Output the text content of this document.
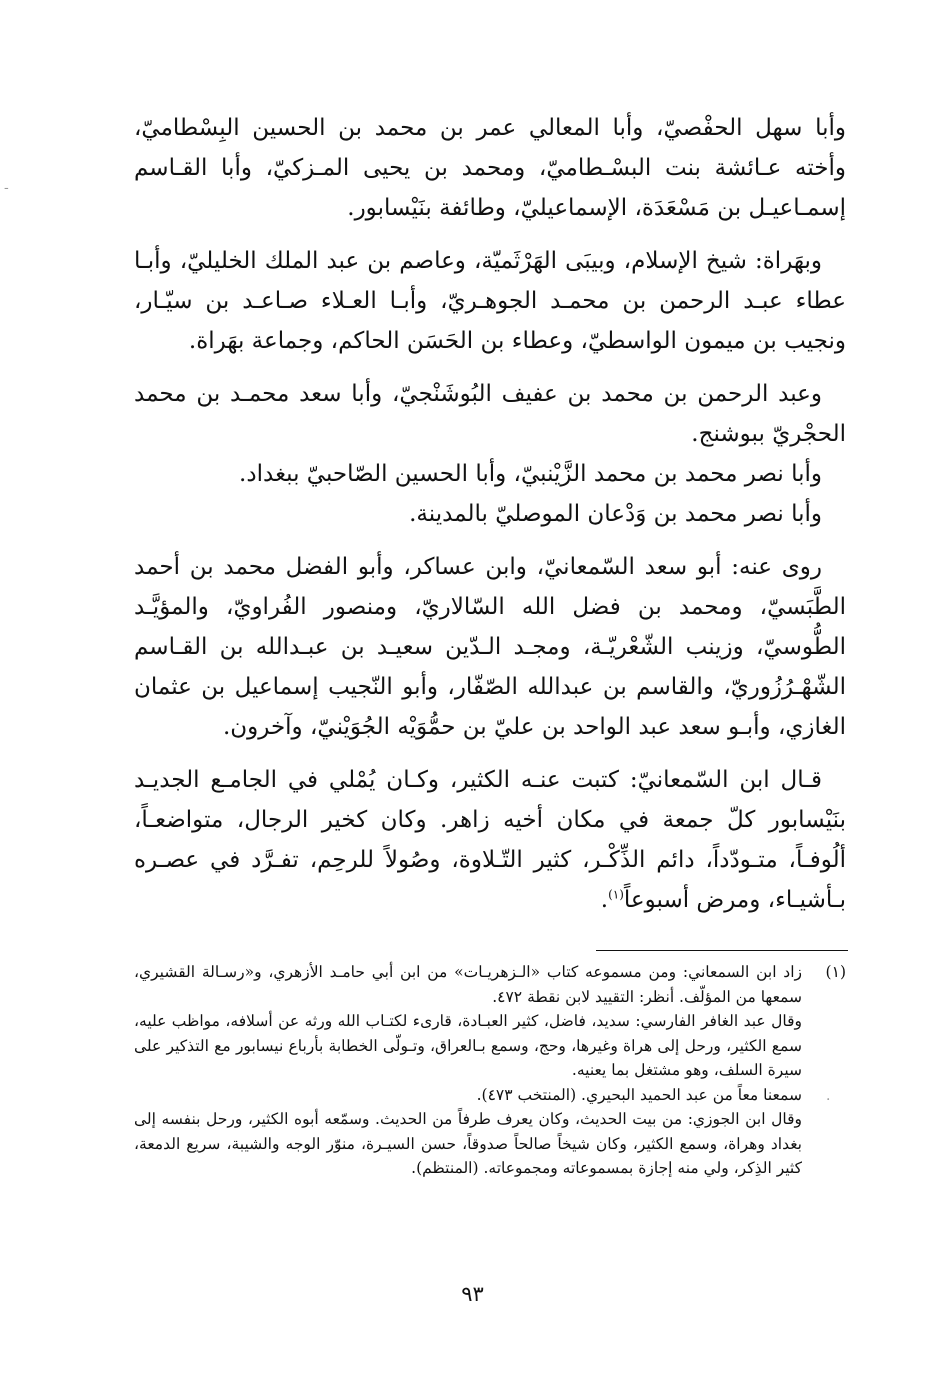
-
·

وأبا سهل الحفْصيّ، وأبا المعالي عمر بن محمد بن الحسين البِسْطاميّ، وأخته عـائشة بنت البسْـطاميّ، ومحمد بن يحيى المـزكيّ، وأبا القـاسم إسمـاعيـل بن مَسْعَدَة، الإسماعيليّ، وطائفة بنَيْسابور.

وبهَراة: شيخ الإسلام، وبيبَى الهَرْثَميّة، وعاصم بن عبد الملك الخليليّ، وأبـا عطاء عبـد الرحمن بن محمـد الجوهـريّ، وأبـا العـلاء صـاعـد بن سيّـار، ونجيب بن ميمون الواسطيّ، وعطاء بن الحَسَن الحاكم، وجماعة بهَراة.

وعبد الرحمن بن محمد بن عفيف البُوشَنْجيّ، وأبا سعد محمـد بن محمد الحجْريّ ببوشنج.

وأبا نصر محمد بن محمد الزَّيْنبيّ، وأبا الحسين الصّاحبيّ ببغداد.

وأبا نصر محمد بن وَدْعان الموصليّ بالمدينة.

روى عنه: أبو سعد السّمعانيّ، وابن عساكر، وأبو الفضل محمد بن أحمد الطَّبَسيّ، ومحمد بن فضل الله السّالاريّ، ومنصور الفُراويّ، والمؤيَّـد الطُّوسيّ، وزينب الشّعْريّـة، ومجـد الـدّين سعيـد بن عبـدالله بن القـاسم الشّهْـرُزُوريّ، والقاسم بن عبدالله الصّفّار، وأبو النّجيب إسماعيل بن عثمان الغازي، وأبـو سعد عبد الواحد بن عليّ بن حمُّوَيْه الجُوَيْنيّ، وآخرون.

قـال ابن السّمعانيّ: كتبت عنـه الكثير، وكـان يُمْلي في الجامـع الجديـد بنَيْسابور كلّ جمعة في مكان أخيه زاهر. وكان كخير الرجال، متواضعـاً، ألُوفـاً، متـودّداً، دائم الذِّكْـر، كثير التّـلاوة، وصُولاً للرحِم، تفـرَّد في عصـره بـأشيـاء، ومرض أسبوعاً$^{(١)}$.

(١)

زاد ابن السمعاني: ومن مسموعه كتاب «الـزهريـات» من ابن أبي حامـد الأزهري، و«رسـالة القشيري، سمعها من المؤلّف. أنظر: التقييد لابن نقطة ٤٧٢.

وقال عبد الغافر الفارسي: سديد، فاضل، كثير العبـادة، قارىء لكتـاب الله ورثه عن أسلافه، مواظب عليه، سمع الكثير، ورحل إلى هراة وغيرها، وحج، وسمع بـالعراق، وتـولّى الخطابة بأرباع نيسابور مع التذكير على سيرة السلف، وهو مشتغل بما يعنيه.

سمعنا معاً من عبد الحميد البحيري. (المنتخب ٤٧٣).

وقال ابن الجوزي: من بيت الحديث، وكان يعرف طرفاً من الحديث. وسمّعه أبوه الكثير، ورحل بنفسه إلى بغداد وهراة، وسمع الكثير، وكان شيخاً صالحاً صدوقاً، حسن السيـرة، منوّر الوجه والشيبة، سريع الدمعة، كثير الذِكر، ولي منه إجازة بمسموعاته ومجموعاته. (المنتظم).

٩٣
